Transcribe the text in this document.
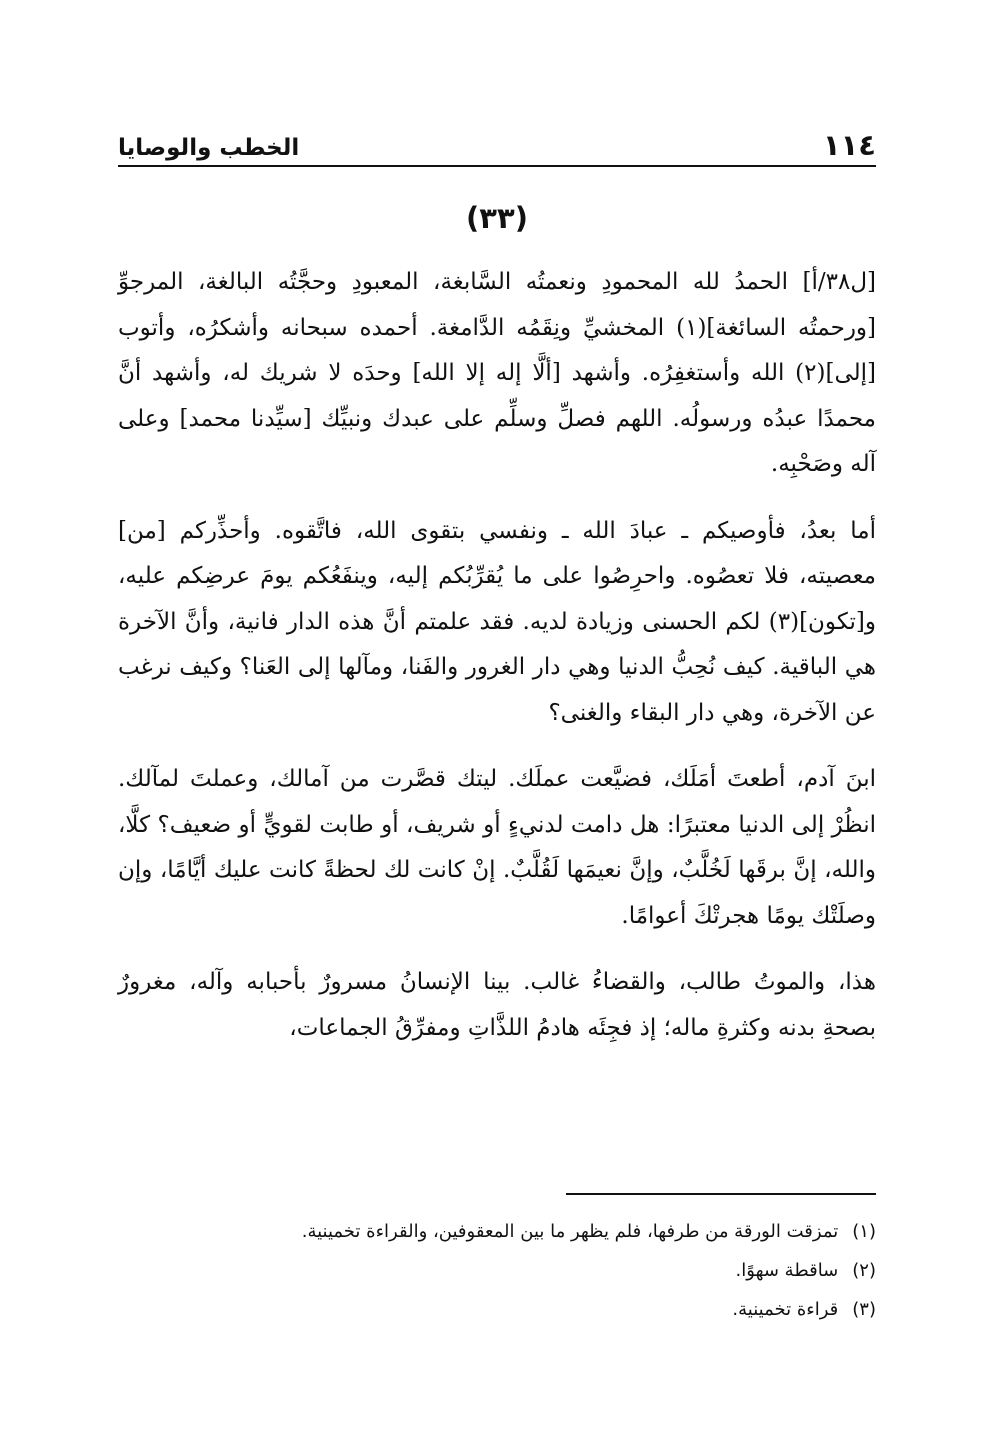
١١٤
الخطب والوصايا
(٣٣)

[ل٣٨/أ] الحمدُ لله المحمودِ ونعمتُه السَّابغة، المعبودِ وحجَّتُه البالغة، المرجوِّ [ورحمتُه السائغة](١) المخشيِّ ونِقَمُه الدَّامغة. أحمده سبحانه وأشكرُه، وأتوب [إلى](٢) الله وأستغفِرُه. وأشهد [ألَّا إله إلا الله] وحدَه لا شريك له، وأشهد أنَّ محمدًا عبدُه ورسولُه. اللهم فصلِّ وسلِّم على عبدك ونبيِّك [سيِّدنا محمد] وعلى آله وصَحْبِه.

أما بعدُ، فأوصيكم ـ عبادَ الله ـ ونفسي بتقوى الله، فاتَّقوه. وأحذِّركم [من] معصيته، فلا تعصُوه. واحرِصُوا على ما يُقرِّبُكم إليه، وينفَعُكم يومَ عرضِكم عليه، و[تكون](٣) لكم الحسنى وزيادة لديه. فقد علمتم أنَّ هذه الدار فانية، وأنَّ الآخرة هي الباقية. كيف نُحِبُّ الدنيا وهي دار الغرور والفَنا، ومآلها إلى العَنا؟ وكيف نرغب عن الآخرة، وهي دار البقاء والغنى؟

ابنَ آدم، أطعتَ أمَلَك، فضيَّعت عملَك. ليتك قصَّرت من آمالك، وعملتَ لمآلك. انظُرْ إلى الدنيا معتبرًا: هل دامت لدنيءٍ أو شريف، أو طابت لقويٍّ أو ضعيف؟ كلَّا، والله، إنَّ برقَها لَخُلَّبٌ، وإنَّ نعيمَها لَقُلَّبٌ. إنْ كانت لك لحظةً كانت عليك أيَّامًا، وإن وصلَتْك يومًا هجرتْكَ أعوامًا.

هذا، والموتُ طالب، والقضاءُ غالب. بينا الإنسانُ مسرورٌ بأحبابه وآله، مغرورٌ بصحةِ بدنه وكثرةِ ماله؛ إذ فجِئَه هادمُ اللذَّاتِ ومفرِّقُ الجماعات،

(١)تمزقت الورقة من طرفها، فلم يظهر ما بين المعقوفين، والقراءة تخمينية.
(٢)ساقطة سهوًا.
(٣)قراءة تخمينية.
